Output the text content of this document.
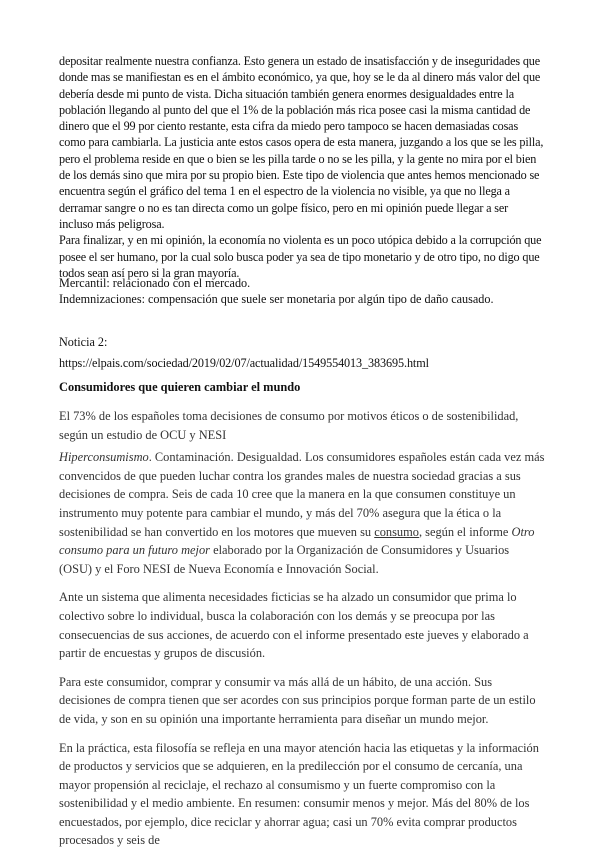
depositar realmente nuestra confianza. Esto genera un estado de insatisfacción y de inseguridades que donde mas se manifiestan es en el ámbito económico, ya que, hoy se le da al dinero más valor del que debería desde mi punto de vista. Dicha situación también genera enormes desigualdades entre la población llegando al punto del que el 1% de la población más rica posee casi la misma cantidad de dinero que el 99 por ciento restante, esta cifra da miedo pero tampoco se hacen demasiadas cosas como para cambiarla. La justicia ante estos casos opera de esta manera, juzgando a los que se les pilla, pero el problema reside en que o bien se les pilla tarde o no se les pilla, y la gente no mira por el bien de los demás sino que mira por su propio bien. Este tipo de violencia que antes hemos mencionado se encuentra según el gráfico del tema 1 en el espectro de la violencia no visible, ya que no llega a derramar sangre o no es tan directa como un golpe físico, pero en mi opinión puede llegar a ser incluso más peligrosa.

Para finalizar, y en mi opinión, la economía no violenta es un poco utópica debido a la corrupción que posee el ser humano, por la cual solo busca poder ya sea de tipo monetario y de otro tipo, no digo que todos sean así pero si la gran mayoría.

Mercantil: relacionado con el mercado.

Indemnizaciones: compensación que suele ser monetaria por algún tipo de daño causado.

Noticia 2:
https://elpais.com/sociedad/2019/02/07/actualidad/1549554013_383695.html
Consumidores que quieren cambiar el mundo

El 73% de los españoles toma decisiones de consumo por motivos éticos o de sostenibilidad, según un estudio de OCU y NESI

Hiperconsumismo. Contaminación. Desigualdad. Los consumidores españoles están cada vez más convencidos de que pueden luchar contra los grandes males de nuestra sociedad gracias a sus decisiones de compra. Seis de cada 10 cree que la manera en la que consumen constituye un instrumento muy potente para cambiar el mundo, y más del 70% asegura que la ética o la sostenibilidad se han convertido en los motores que mueven su consumo, según el informe Otro consumo para un futuro mejor elaborado por la Organización de Consumidores y Usuarios (OSU) y el Foro NESI de Nueva Economía e Innovación Social.

Ante un sistema que alimenta necesidades ficticias se ha alzado un consumidor que prima lo colectivo sobre lo individual, busca la colaboración con los demás y se preocupa por las consecuencias de sus acciones, de acuerdo con el informe presentado este jueves y elaborado a partir de encuestas y grupos de discusión.

Para este consumidor, comprar y consumir va más allá de un hábito, de una acción. Sus decisiones de compra tienen que ser acordes con sus principios porque forman parte de un estilo de vida, y son en su opinión una importante herramienta para diseñar un mundo mejor.

En la práctica, esta filosofía se refleja en una mayor atención hacia las etiquetas y la información de productos y servicios que se adquieren, en la predilección por el consumo de cercanía, una mayor propensión al reciclaje, el rechazo al consumismo y un fuerte compromiso con la sostenibilidad y el medio ambiente. En resumen: consumir menos y mejor. Más del 80% de los encuestados, por ejemplo, dice reciclar y ahorrar agua; casi un 70% evita comprar productos procesados y seis de
